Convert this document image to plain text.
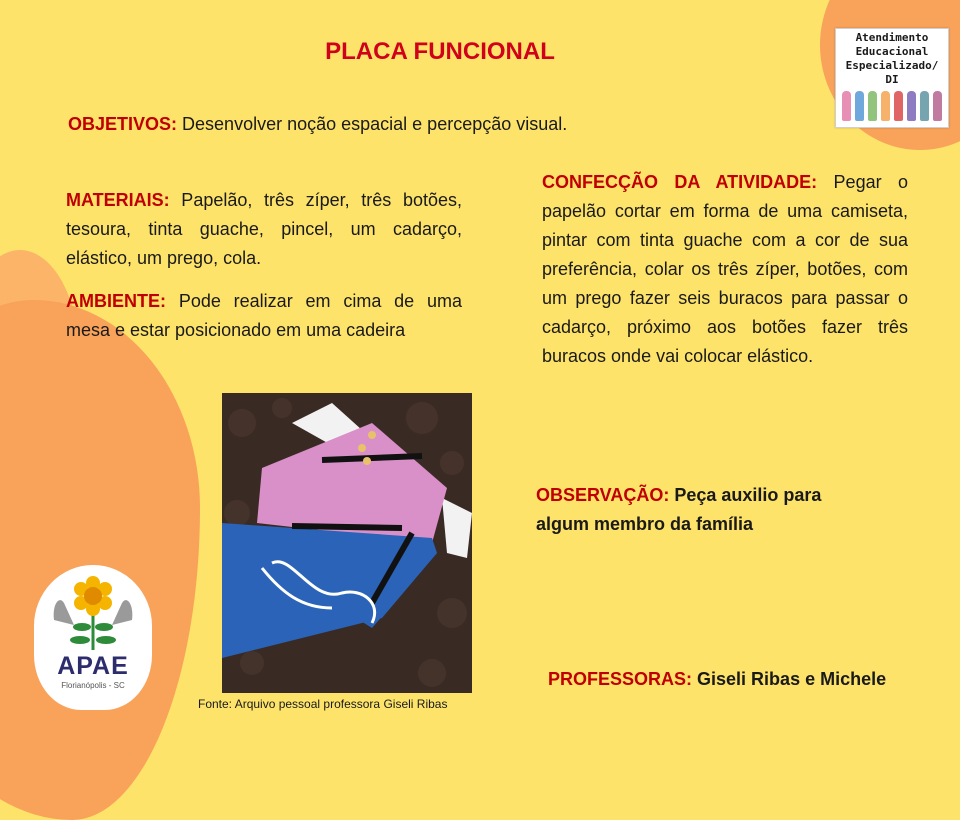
Atendimento
Educacional
Especializado/ DI
PLACA FUNCIONAL
OBJETIVOS: Desenvolver noção espacial e percepção visual.
MATERIAIS: Papelão, três zíper, três botões, tesoura, tinta guache, pincel, um cadarço, elástico, um prego, cola.
AMBIENTE: Pode realizar em cima de uma mesa e estar posicionado em uma cadeira
CONFECÇÃO DA ATIVIDADE: Pegar o papelão cortar em forma de uma camiseta, pintar com tinta guache com a cor de sua preferência, colar os três zíper, botões, com um prego fazer seis buracos para passar o cadarço, próximo aos botões fazer três buracos onde vai colocar elástico.
OBSERVAÇÃO: Peça auxilio para
algum membro da família
Fonte: Arquivo pessoal professora Giseli Ribas
APAE
Florianópolis - SC	PROFESSORAS: Giseli Ribas e Michele
